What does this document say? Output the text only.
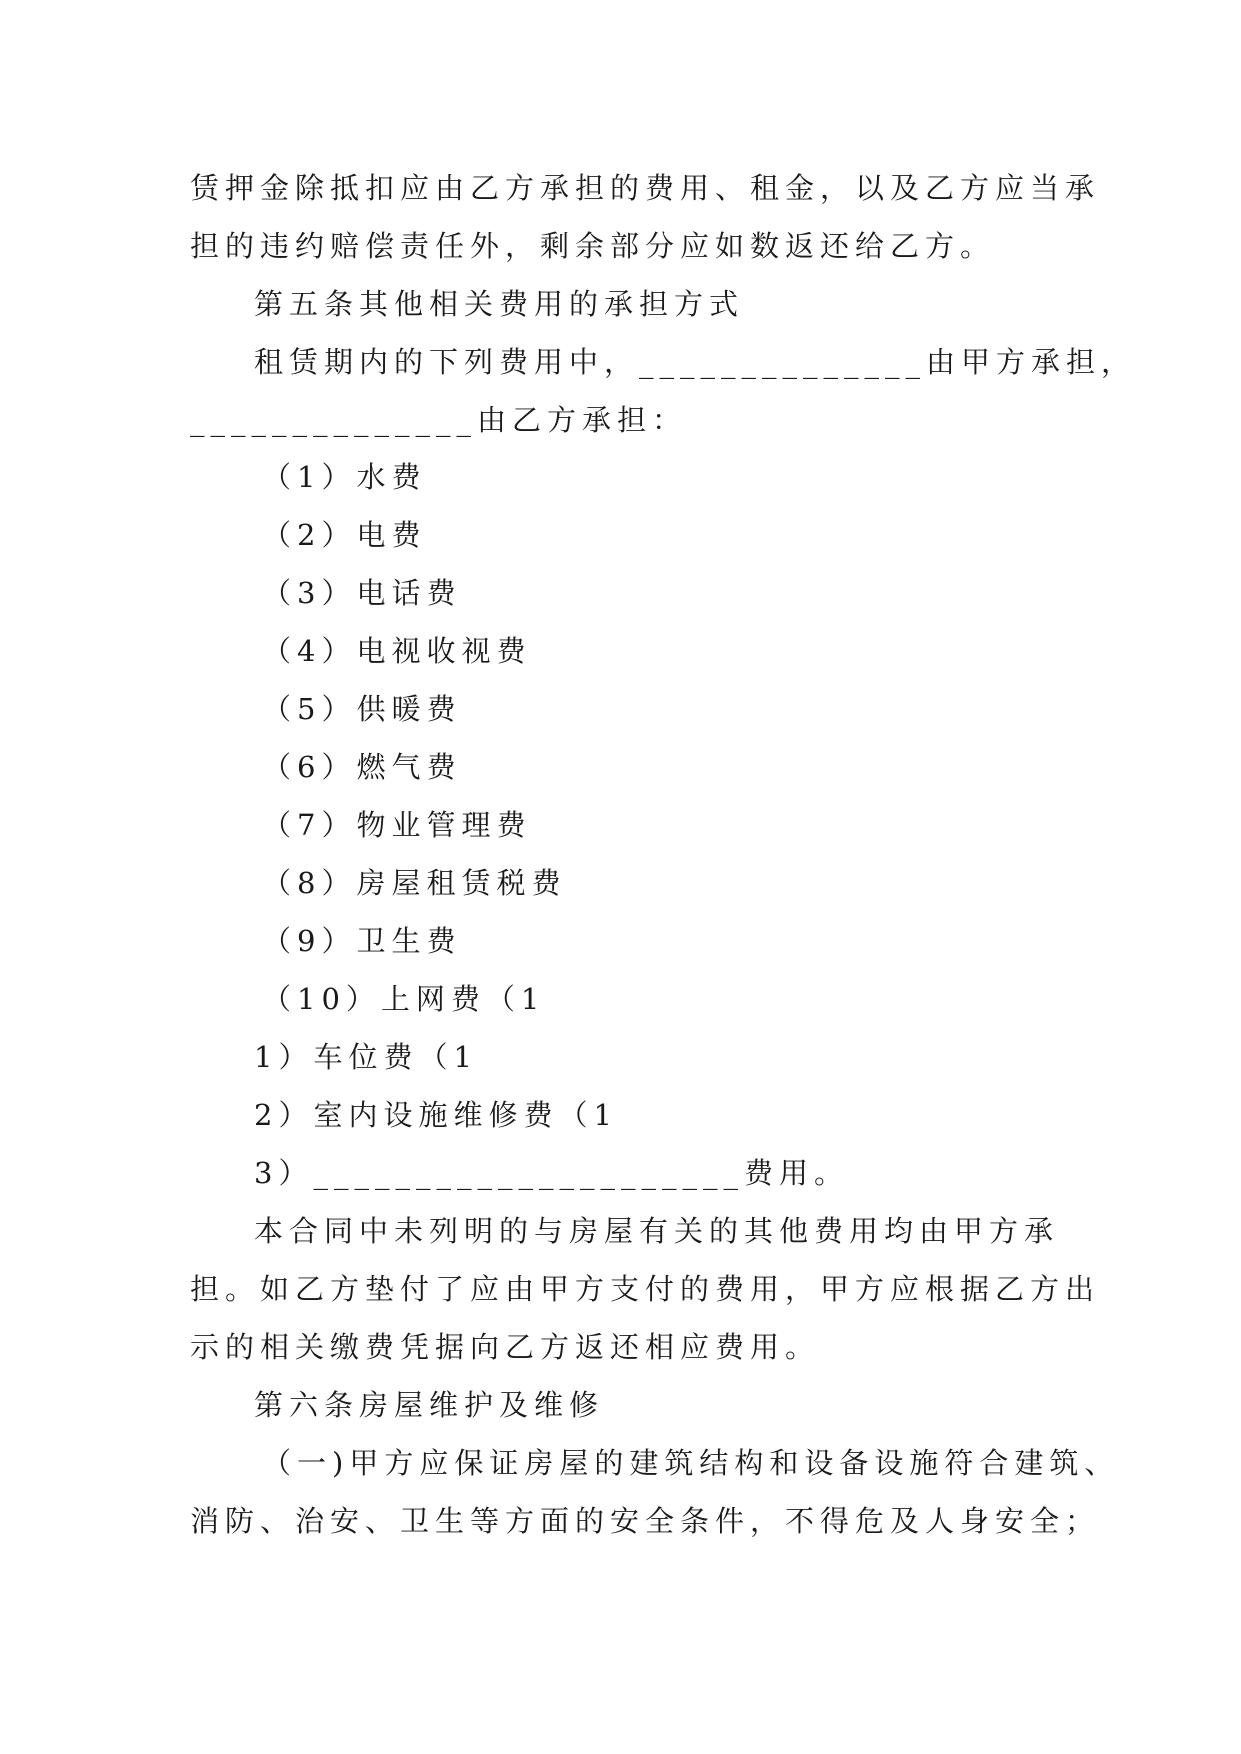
赁押金除抵扣应由乙方承担的费用、租金，以及乙方应当承
担的违约赔偿责任外，剩余部分应如数返还给乙方。
第五条其他相关费用的承担方式
租赁期内的下列费用中，______________由甲方承担，
______________由乙方承担：
（1）水费
（2）电费
（3）电话费
（4）电视收视费
（5）供暖费
（6）燃气费
（7）物业管理费
（8）房屋租赁税费
（9）卫生费
（10）上网费（1
1）车位费（1
2）室内设施维修费（1
3）_____________________费用。
本合同中未列明的与房屋有关的其他费用均由甲方承
担。如乙方垫付了应由甲方支付的费用，甲方应根据乙方出
示的相关缴费凭据向乙方返还相应费用。
第六条房屋维护及维修
（一)甲方应保证房屋的建筑结构和设备设施符合建筑、
消防、治安、卫生等方面的安全条件，不得危及人身安全；
